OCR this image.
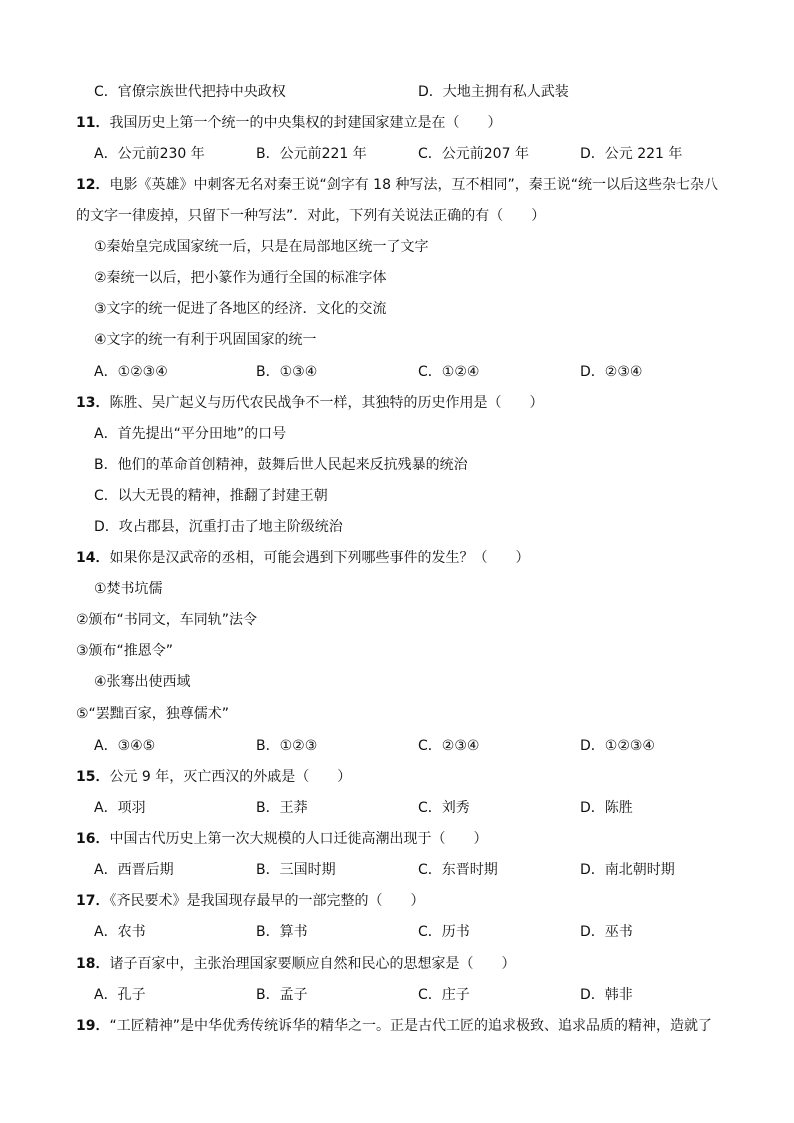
C．官僚宗族世代把持中央政权	D．大地主拥有私人武装
11．我国历史上第一个统一的中央集权的封建国家建立是在（　　）
A．公元前230 年	B．公元前221 年	C．公元前207 年	D．公元 221 年
12．电影《英雄》中刺客无名对秦王说“剑字有 18 种写法，互不相同”，秦王说“统一以后这些杂七杂八
的文字一律废掉，只留下一种写法”．对此，下列有关说法正确的有（　　）
①秦始皇完成国家统一后，只是在局部地区统一了文字
②秦统一以后，把小篆作为通行全国的标准字体
③文字的统一促进了各地区的经济．文化的交流
④文字的统一有利于巩固国家的统一
A．①②③④	B．①③④	C．①②④	D．②③④
13．陈胜、吴广起义与历代农民战争不一样，其独特的历史作用是（　　）
A．首先提出“平分田地”的口号
B．他们的革命首创精神，鼓舞后世人民起来反抗残暴的统治
C．以大无畏的精神，推翻了封建王朝
D．攻占郡县，沉重打击了地主阶级统治
14．如果你是汉武帝的丞相，可能会遇到下列哪些事件的发生？（　　）
①焚书坑儒
②颁布“书同文，车同轨”法令
③颁布“推恩令”
④张骞出使西域
⑤“罢黜百家，独尊儒术”
A．③④⑤	B．①②③	C．②③④	D．①②③④
15．公元 9 年，灭亡西汉的外戚是（　　）
A．项羽	B．王莽	C．刘秀	D．陈胜
16．中国古代历史上第一次大规模的人口迁徙高潮出现于（　　）
A．西晋后期	B．三国时期	C．东晋时期	D．南北朝时期
17．《齐民要术》是我国现存最早的一部完整的（　　）
A．农书	B．算书	C．历书	D．巫书
18．诸子百家中，主张治理国家要顺应自然和民心的思想家是（　　）
A．孔子	B．孟子	C．庄子	D．韩非
19．“工匠精神”是中华优秀传统诉华的精华之一。正是古代工匠的追求极致、追求品质的精神，造就了
